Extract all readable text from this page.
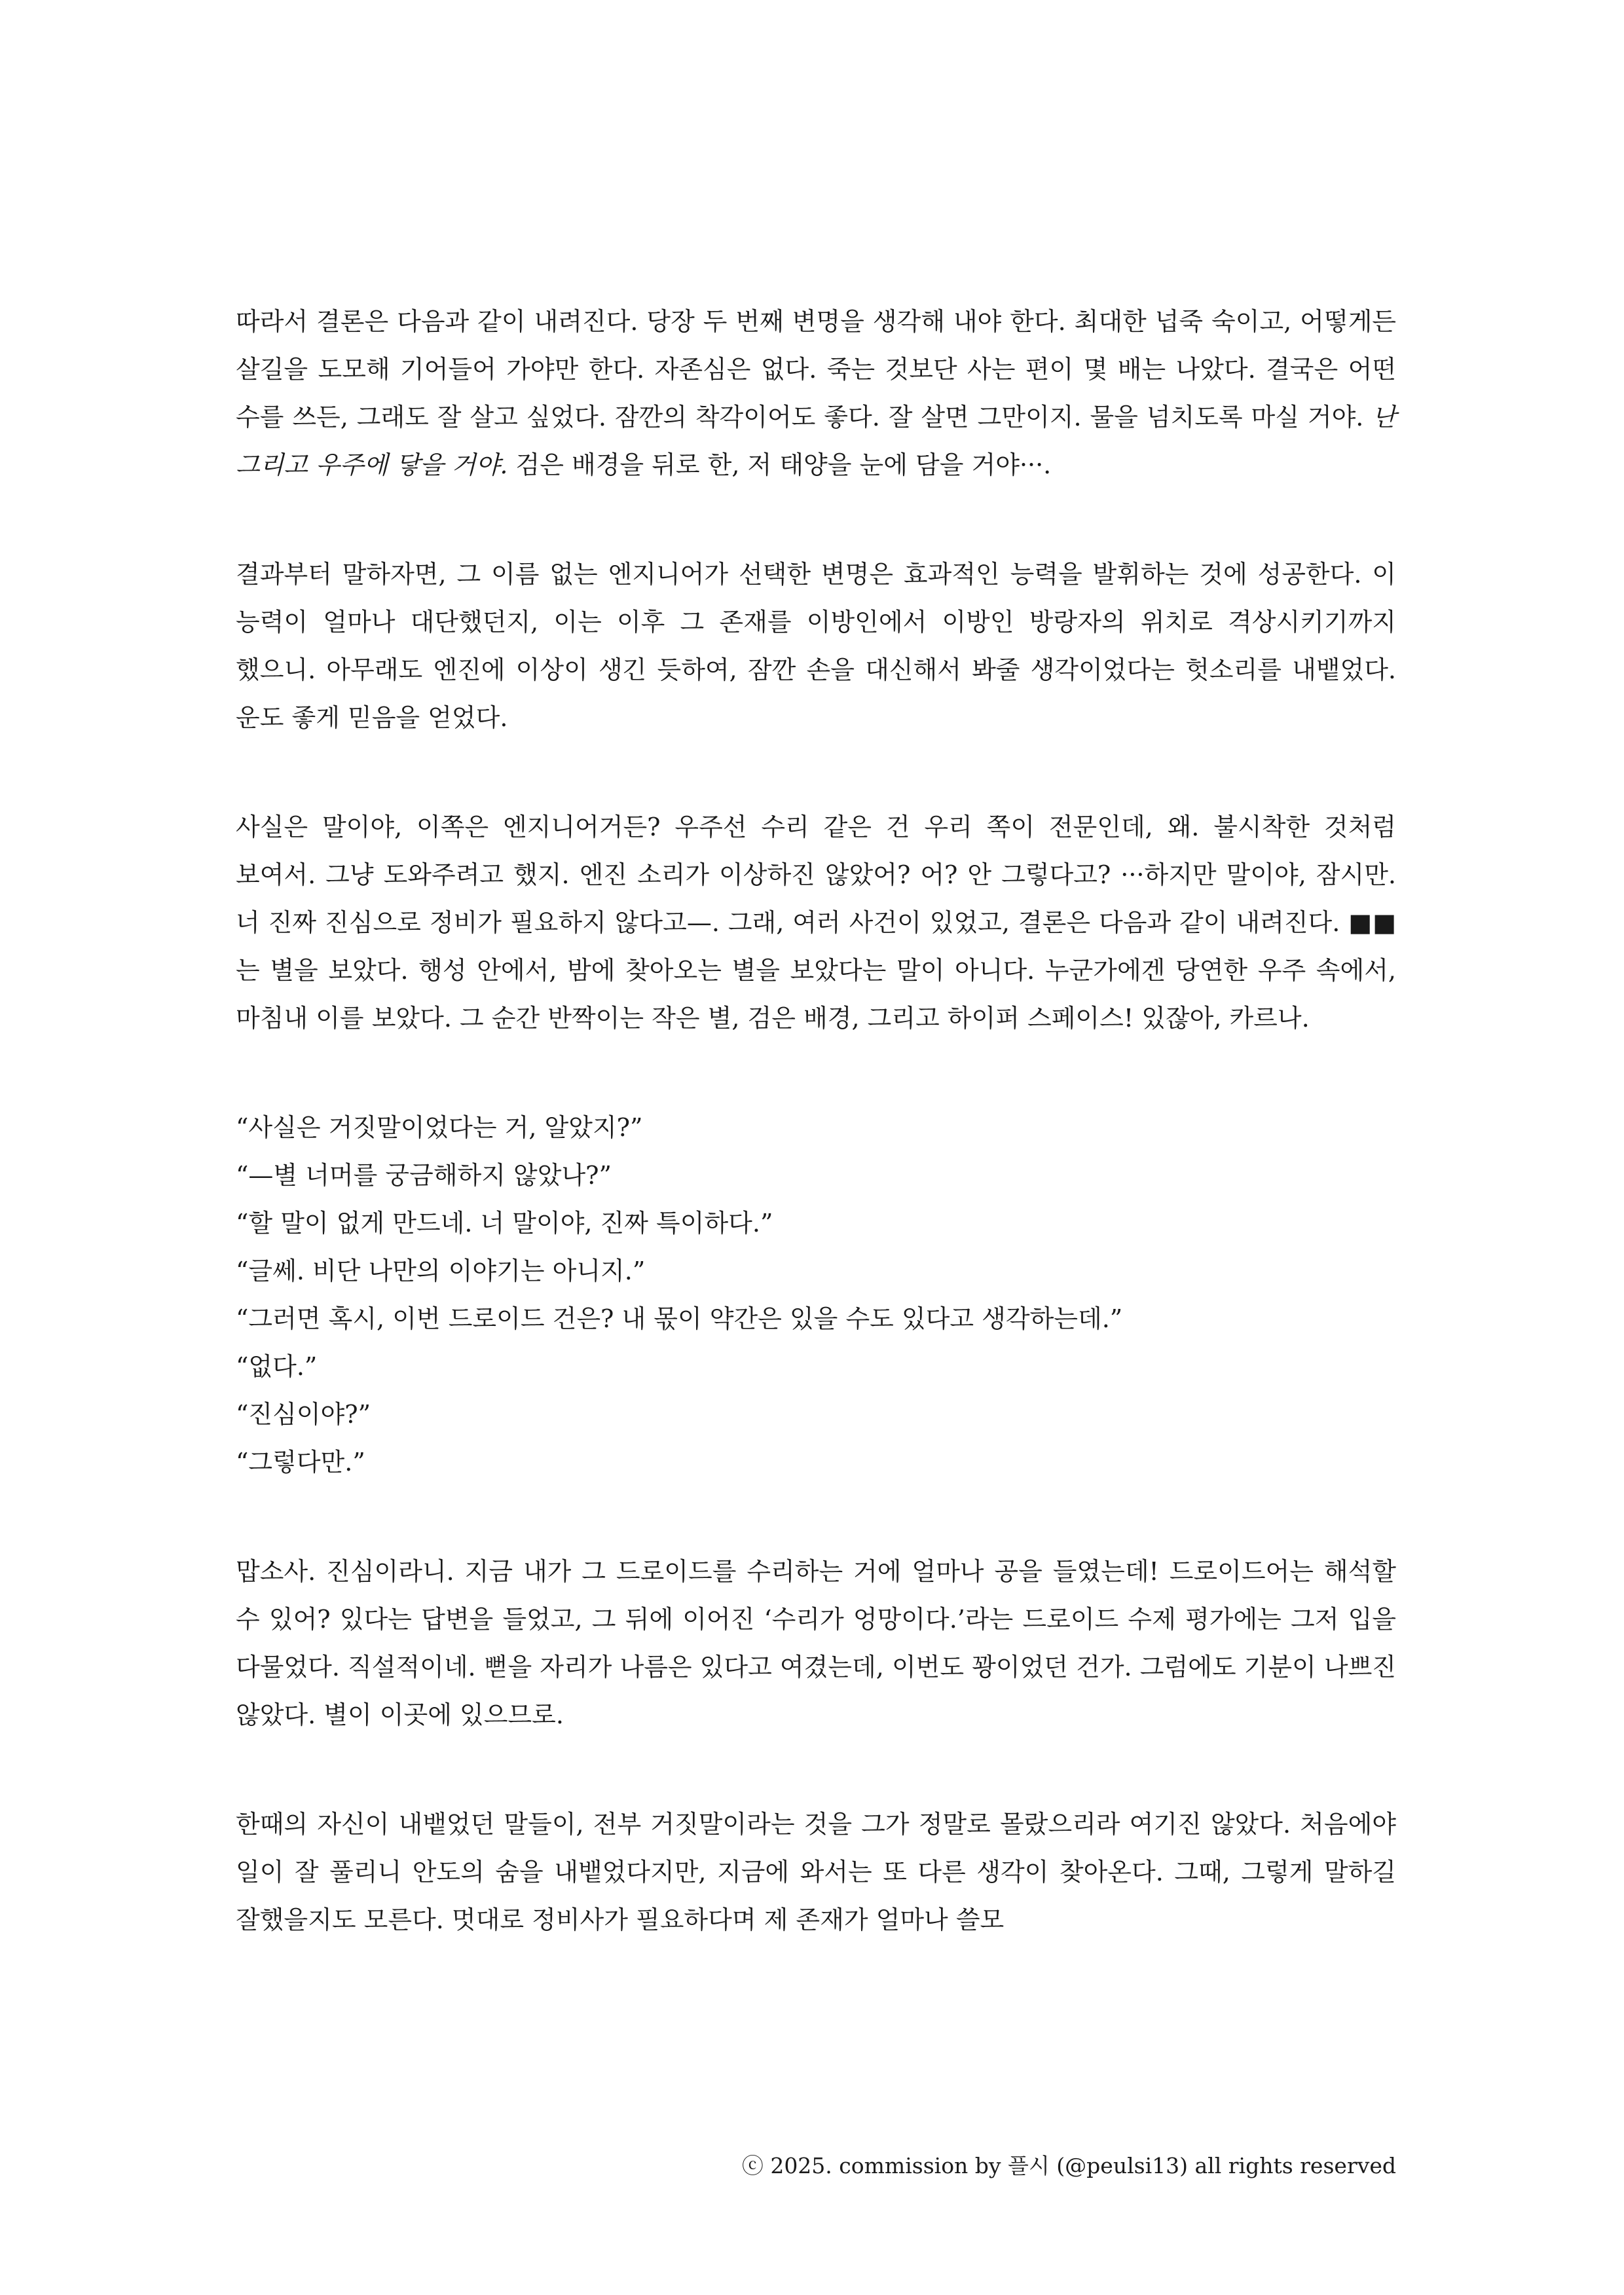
따라서 결론은 다음과 같이 내려진다. 당장 두 번째 변명을 생각해 내야 한다. 최대한 넙죽 숙이고, 어떻게든 살길을 도모해 기어들어 가야만 한다. 자존심은 없다. 죽는 것보단 사는 편이 몇 배는 나았다. 결국은 어떤 수를 쓰든, 그래도 잘 살고 싶었다. 잠깐의 착각이어도 좋다. 잘 살면 그만이지. 물을 넘치도록 마실 거야. 난 그리고 우주에 닿을 거야. 검은 배경을 뒤로 한, 저 태양을 눈에 담을 거야···.

결과부터 말하자면, 그 이름 없는 엔지니어가 선택한 변명은 효과적인 능력을 발휘하는 것에 성공한다. 이 능력이 얼마나 대단했던지, 이는 이후 그 존재를 이방인에서 이방인 방랑자의 위치로 격상시키기까지 했으니. 아무래도 엔진에 이상이 생긴 듯하여, 잠깐 손을 대신해서 봐줄 생각이었다는 헛소리를 내뱉었다. 운도 좋게 믿음을 얻었다.

사실은 말이야, 이쪽은 엔지니어거든? 우주선 수리 같은 건 우리 쪽이 전문인데, 왜. 불시착한 것처럼 보여서. 그냥 도와주려고 했지. 엔진 소리가 이상하진 않았어? 어? 안 그렇다고? ···하지만 말이야, 잠시만. 너 진짜 진심으로 정비가 필요하지 않다고—. 그래, 여러 사건이 있었고, 결론은 다음과 같이 내려진다. ■■는 별을 보았다. 행성 안에서, 밤에 찾아오는 별을 보았다는 말이 아니다. 누군가에겐 당연한 우주 속에서, 마침내 이를 보았다. 그 순간 반짝이는 작은 별, 검은 배경, 그리고 하이퍼 스페이스! 있잖아, 카르나.

“사실은 거짓말이었다는 거, 알았지?”
“—별 너머를 궁금해하지 않았나?”
“할 말이 없게 만드네. 너 말이야, 진짜 특이하다.”
“글쎄. 비단 나만의 이야기는 아니지.”
“그러면 혹시, 이번 드로이드 건은? 내 몫이 약간은 있을 수도 있다고 생각하는데.”
“없다.”
“진심이야?”
“그렇다만.”

맙소사. 진심이라니. 지금 내가 그 드로이드를 수리하는 거에 얼마나 공을 들였는데! 드로이드어는 해석할 수 있어? 있다는 답변을 들었고, 그 뒤에 이어진 ‘수리가 엉망이다.’라는 드로이드 수제 평가에는 그저 입을 다물었다. 직설적이네. 뻗을 자리가 나름은 있다고 여겼는데, 이번도 꽝이었던 건가. 그럼에도 기분이 나쁘진 않았다. 별이 이곳에 있으므로.

한때의 자신이 내뱉었던 말들이, 전부 거짓말이라는 것을 그가 정말로 몰랐으리라 여기진 않았다. 처음에야 일이 잘 풀리니 안도의 숨을 내뱉었다지만, 지금에 와서는 또 다른 생각이 찾아온다. 그때, 그렇게 말하길 잘했을지도 모른다. 멋대로 정비사가 필요하다며 제 존재가 얼마나 쓸모

ⓒ 2025. commission by 플시 (@peulsi13) all rights reserved
